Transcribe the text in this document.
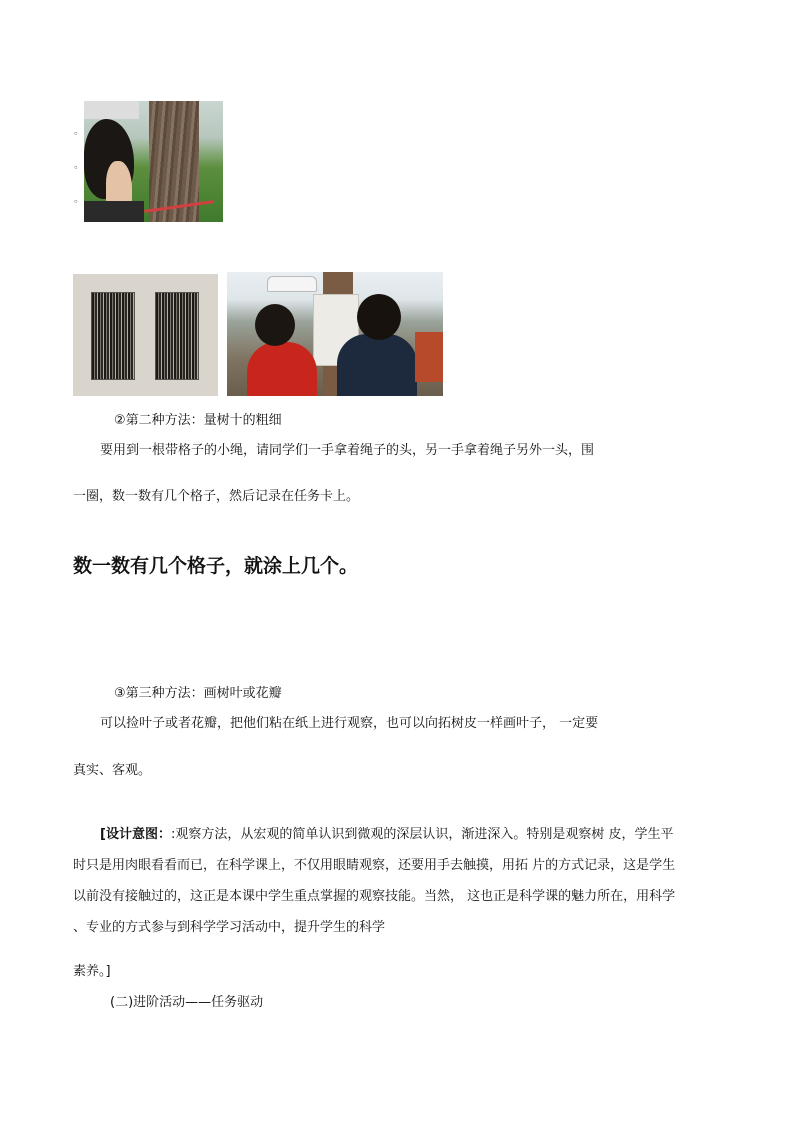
。
。
。
②第二种方法：量树十的粗细
要用到一根带格子的小绳，请同学们一手拿着绳子的头，另一手拿着绳子另外一头，围
一圈，数一数有几个格子，然后记录在任务卡上。
数一数有几个格子，就涂上几个。
③第三种方法：画树叶或花瓣
可以捡叶子或者花瓣，把他们粘在纸上进行观察，也可以向拓树皮一样画叶子， 一定要
真实、客观。
[设计意图：:观察方法，从宏观的简单认识到微观的深层认识，渐进深入。特别是观察树 皮，学生平
时只是用肉眼看看而已，在科学课上，不仅用眼睛观察，还要用手去触摸，用拓 片的方式记录，这是学生
以前没有接触过的，这正是本课中学生重点掌握的观察技能。当然， 这也正是科学课的魅力所在，用科学
、专业的方式参与到科学学习活动中，提升学生的科学
素养。]
(二)进阶活动——任务驱动
